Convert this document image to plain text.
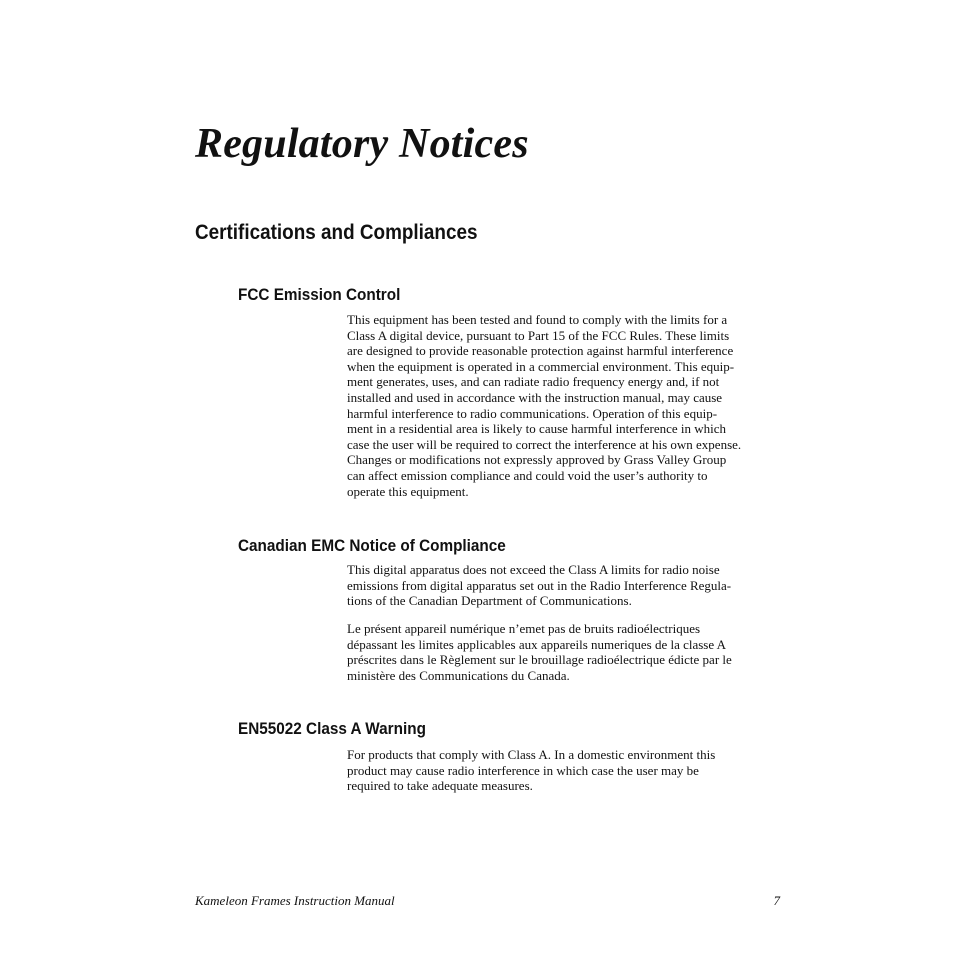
Regulatory Notices
Certifications and Compliances
FCC Emission Control
This equipment has been tested and found to comply with the limits for a
Class A digital device, pursuant to Part 15 of the FCC Rules. These limits
are designed to provide reasonable protection against harmful interference
when the equipment is operated in a commercial environment. This equip-
ment generates, uses, and can radiate radio frequency energy and, if not
installed and used in accordance with the instruction manual, may cause
harmful interference to radio communications. Operation of this equip-
ment in a residential area is likely to cause harmful interference in which
case the user will be required to correct the interference at his own expense.
Changes or modifications not expressly approved by Grass Valley Group
can affect emission compliance and could void the user’s authority to
operate this equipment.
Canadian EMC Notice of Compliance
This digital apparatus does not exceed the Class A limits for radio noise
emissions from digital apparatus set out in the Radio Interference Regula-
tions of the Canadian Department of Communications.
Le présent appareil numérique n’emet pas de bruits radioélectriques
dépassant les limites applicables aux appareils numeriques de la classe A
préscrites dans le Règlement sur le brouillage radioélectrique édicte par le
ministère des Communications du Canada.
EN55022 Class A Warning
For products that comply with Class A. In a domestic environment this
product may cause radio interference in which case the user may be
required to take adequate measures.
Kameleon Frames Instruction Manual	7
